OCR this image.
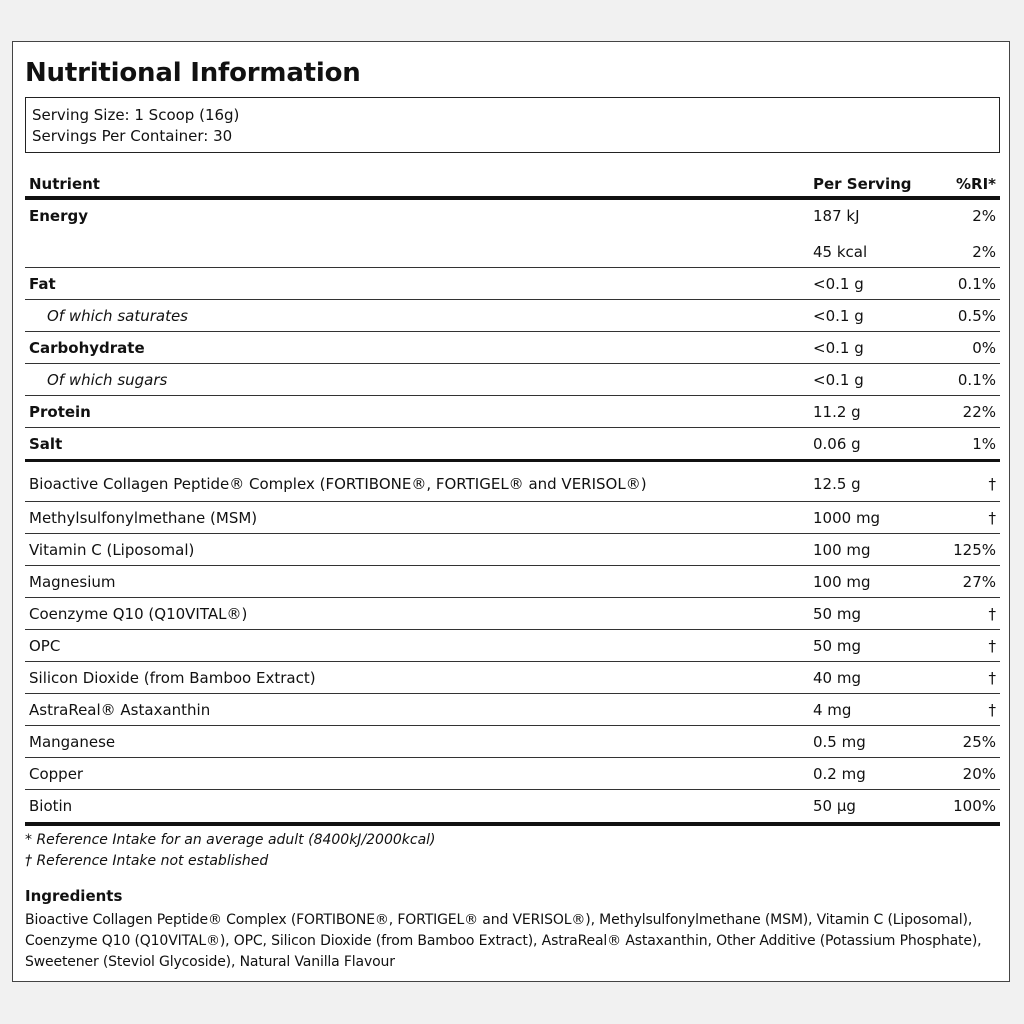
Nutritional Information
Serving Size: 1 Scoop (16g)
Servings Per Container: 30
Nutrient	Per Serving	%RI*
Energy	187 kJ	2%
	45 kcal	2%
Fat	<0.1 g	0.1%
Of which saturates	<0.1 g	0.5%
Carbohydrate	<0.1 g	0%
Of which sugars	<0.1 g	0.1%
Protein	11.2 g	22%
Salt	0.06 g	1%
Bioactive Collagen Peptide® Complex (FORTIBONE®, FORTIGEL® and VERISOL®)	12.5 g	†
Methylsulfonylmethane (MSM)	1000 mg	†
Vitamin C (Liposomal)	100 mg	125%
Magnesium	100 mg	27%
Coenzyme Q10 (Q10VITAL®)	50 mg	†
OPC	50 mg	†
Silicon Dioxide (from Bamboo Extract)	40 mg	†
AstraReal® Astaxanthin	4 mg	†
Manganese	0.5 mg	25%
Copper	0.2 mg	20%
Biotin	50 µg	100%
* Reference Intake for an average adult (8400kJ/2000kcal)
† Reference Intake not established
Ingredients

Bioactive Collagen Peptide® Complex (FORTIBONE®, FORTIGEL® and VERISOL®), Methylsulfonylmethane (MSM), Vitamin C (Liposomal), Coenzyme Q10 (Q10VITAL®), OPC, Silicon Dioxide (from Bamboo Extract), AstraReal® Astaxanthin, Other Additive (Potassium Phosphate), Sweetener (Steviol Glycoside), Natural Vanilla Flavour
